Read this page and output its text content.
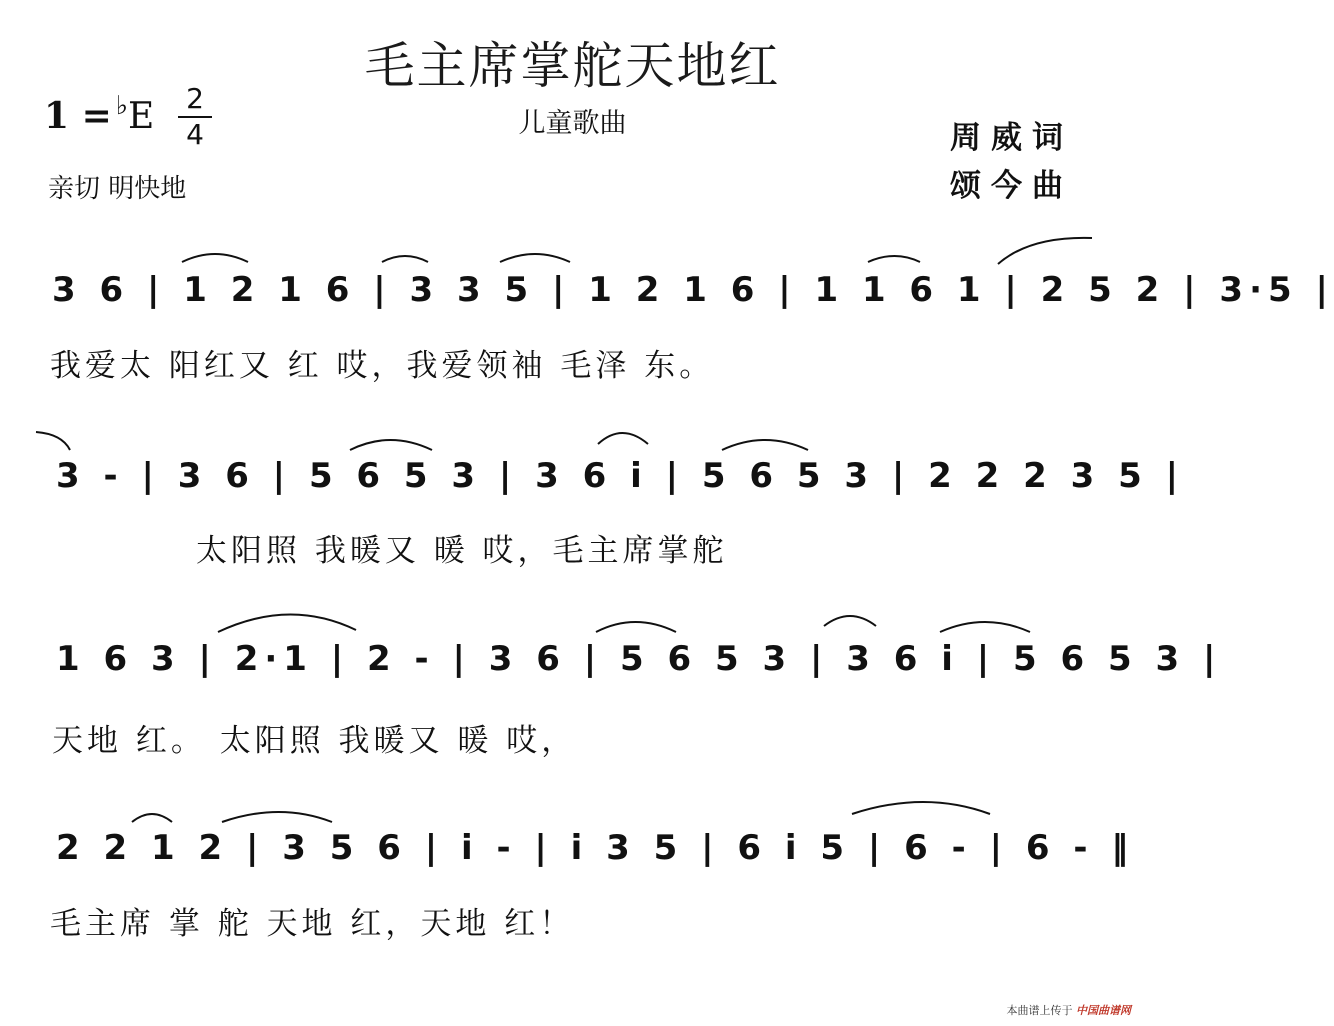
毛主席掌舵天地红
儿童歌曲
1 = ♭E 2
4
亲切 明快地
周威词
颂今曲
3 6 | 1 2 1 6 | 3 3 5 | 1 2 1 6 | 1 1 6 1 | 2 5 2 | 3·5 |
我爱太 阳红又 红 哎，我爱领袖 毛泽 东。
3 - | 3 6 | 5 6 5 3 | 3 6 i | 5 6 5 3 | 2 2 2 3 5 |
太阳照 我暖又 暖 哎，毛主席掌舵
1 6 3 | 2·1 | 2 - | 3 6 | 5 6 5 3 | 3 6 i | 5 6 5 3 |
天地 红。 太阳照 我暖又 暖 哎，
2 2 1 2 | 3 5 6 | i - | i 3 5 | 6 i 5 | 6 - | 6 - ‖
毛主席 掌 舵 天地 红，天地 红！
本曲谱上传于 中国曲谱网
